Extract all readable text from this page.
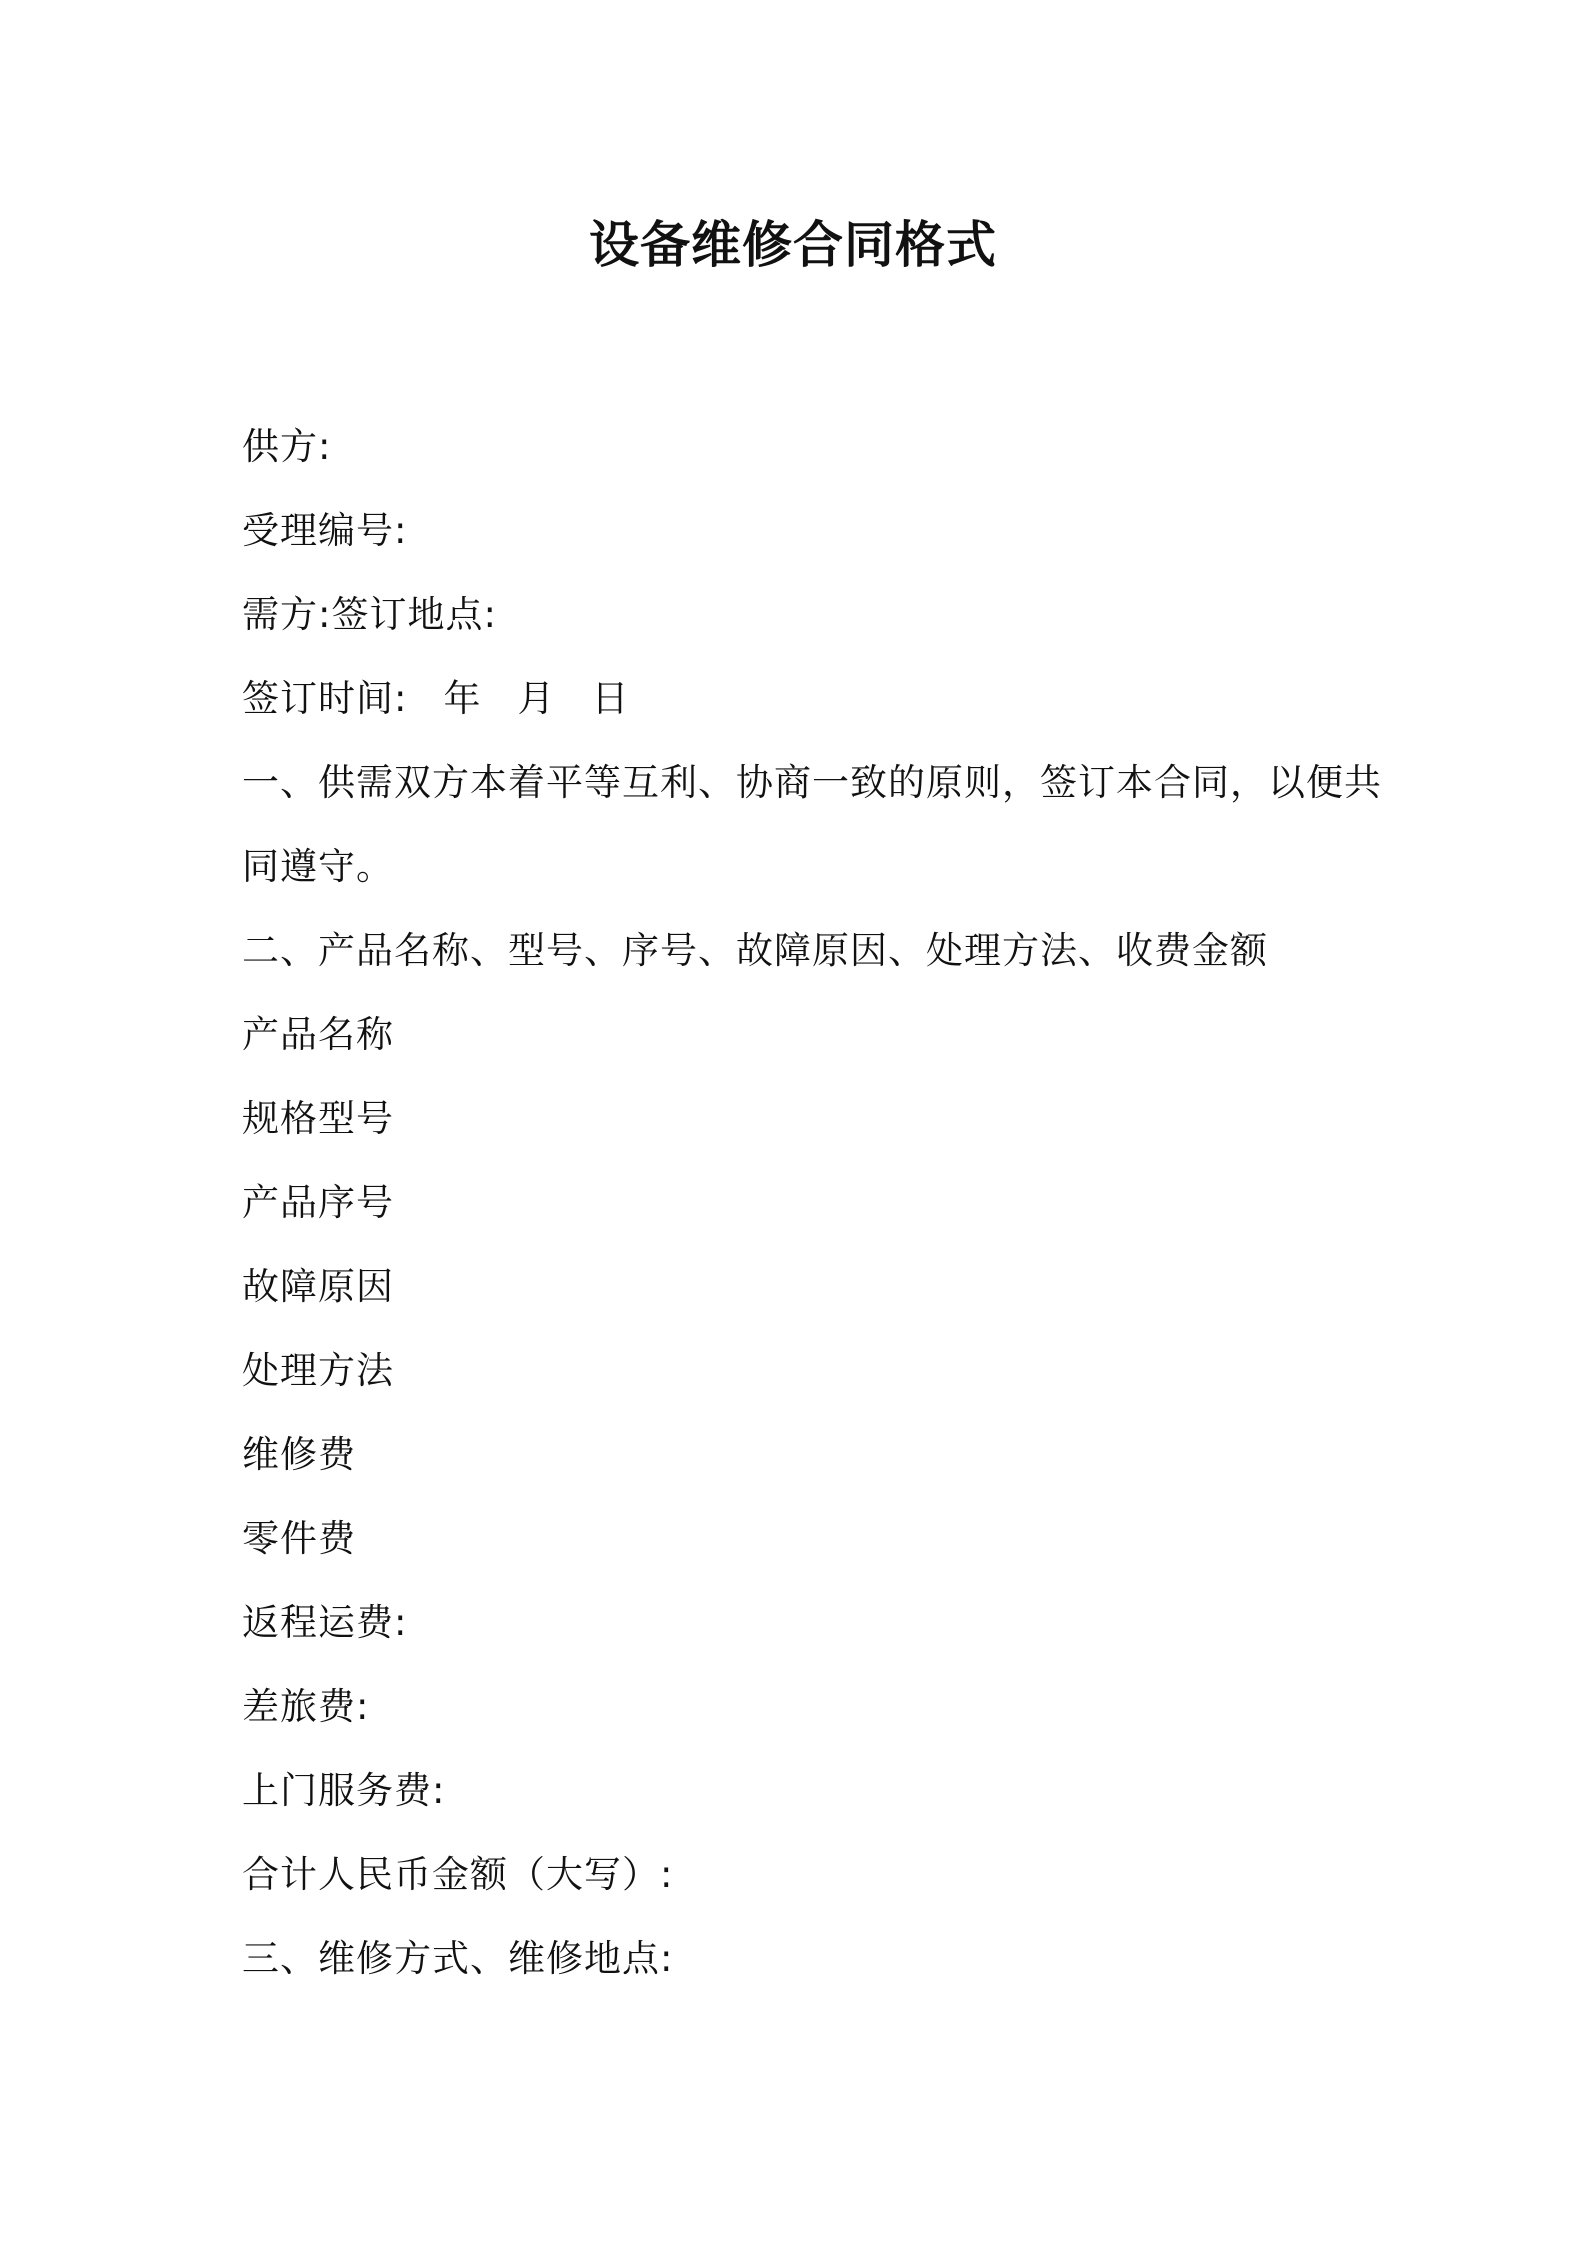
设备维修合同格式
供方:
受理编号:
需方:签订地点:
签订时间: 年 月 日
一、供需双方本着平等互利、协商一致的原则，签订本合同，以便共
同遵守。
二、产品名称、型号、序号、故障原因、处理方法、收费金额
产品名称
规格型号
产品序号
故障原因
处理方法
维修费
零件费
返程运费:
差旅费:
上门服务费:
合计人民币金额（大写）:
三、维修方式、维修地点:
